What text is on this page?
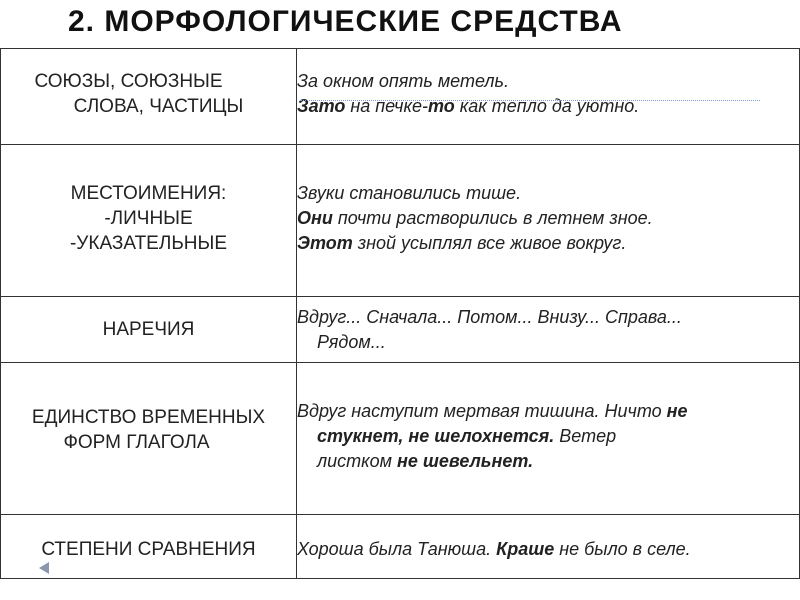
2. МОРФОЛОГИЧЕСКИЕ СРЕДСТВА
СОЮЗЫ, СОЮЗНЫЕ
СЛОВА, ЧАСТИЦЫ	За окном опять метель.
Зато на печке-то как тепло да уютно.

МЕСТОИМЕНИЯ:
-ЛИЧНЫЕ
-УКАЗАТЕЛЬНЫЕ	Звуки становились тише.
Они почти растворились в летнем зное.
Этот зной усыплял все живое вокруг.

НАРЕЧИЯ	Вдруг... Сначала... Потом... Внизу... Справа...
Рядом...

ЕДИНСТВО ВРЕМЕННЫХ
ФОРМ ГЛАГОЛА	Вдруг наступит мертвая тишина. Ничто не
стукнет, не шелохнется. Ветер
листком не шевельнет.

СТЕПЕНИ СРАВНЕНИЯ	Хороша была Танюша. Краше не было в селе.
